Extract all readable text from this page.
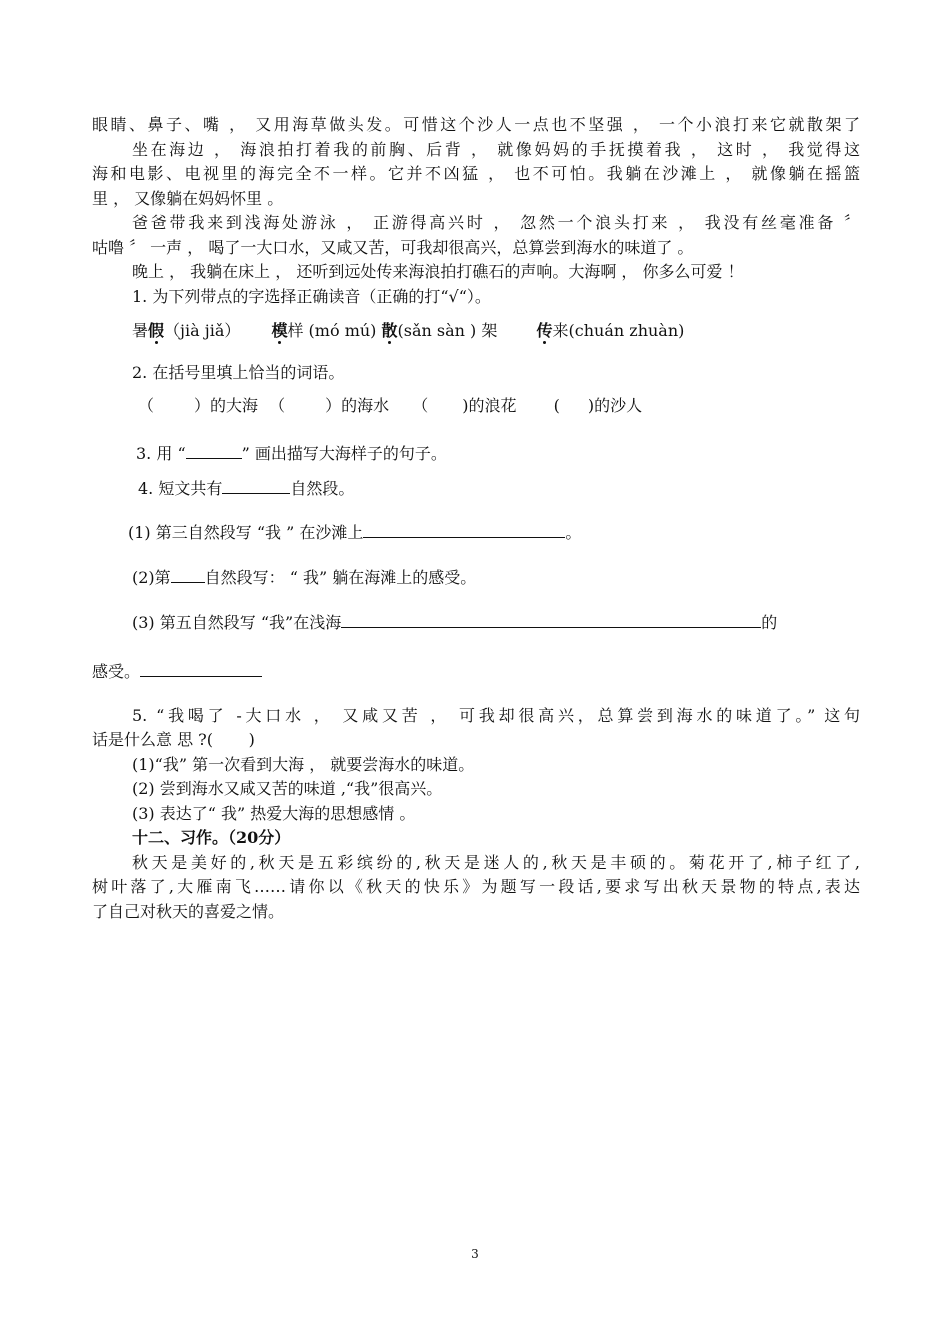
眼睛、鼻子、嘴 ， 又用海草做头发。可惜这个沙人一点也不坚强 ， 一个小浪打来它就散架了
坐在海边 ， 海浪拍打着我的前胸、后背 ， 就像妈妈的手抚摸着我 ， 这时 ， 我觉得这
海和电影、电视里的海完全不一样。它并不凶猛 ， 也不可怕。我躺在沙滩上 ， 就像躺在摇篮
里 ， 又像躺在妈妈怀里 。
爸爸带我来到浅海处游泳 ， 正游得高兴时 ， 忽然一个浪头打来 ， 我没有丝毫准备 〞
咕噜 〞 一声 ， 喝了一大口水，又咸又苦，可我却很高兴，总算尝到海水的味道了 。
晚上 ， 我躺在床上 ， 还听到远处传来海浪拍打礁石的声响。大海啊 ， 你多么可爱 ！
1. 为下列带点的字选择正确读音（正确的打“√“）。
暑假（jià jiǎ） 模样 (mó mú) 散(sǎn sàn ) 架 传来(chuán zhuàn)
2. 在括号里填上恰当的词语。
（	）的大海 （	）的海水 （ )的浪花 ( )的沙人
3. 用 “	” 画出描写大海样子的句子。
4. 短文共有	自然段。
(1) 第三自然段写 “我 ” 在沙滩上	。
(2)第 自然段写： “ 我” 躺在海滩上的感受。
(3) 第五自然段写 “我”在浅海	的
感受。
5. “我喝了 -大口水 ， 又咸又苦 ， 可我却很高兴，总算尝到海水的味道了。” 这句
话是什么意 思 ?(       )
(1)“我” 第一次看到大海 ， 就要尝海水的味道。
(2) 尝到海水又咸又苦的味道 ,“我”很高兴。
(3) 表达了“ 我” 热爱大海的思想感情 。
十二、习作。（20分）
秋天是美好的,秋天是五彩缤纷的,秋天是迷人的,秋天是丰硕的。菊花开了,柿子红了,
树叶落了,大雁南飞……请你以《秋天的快乐》为题写一段话,要求写出秋天景物的特点,表达
了自己对秋天的喜爱之情。
3
